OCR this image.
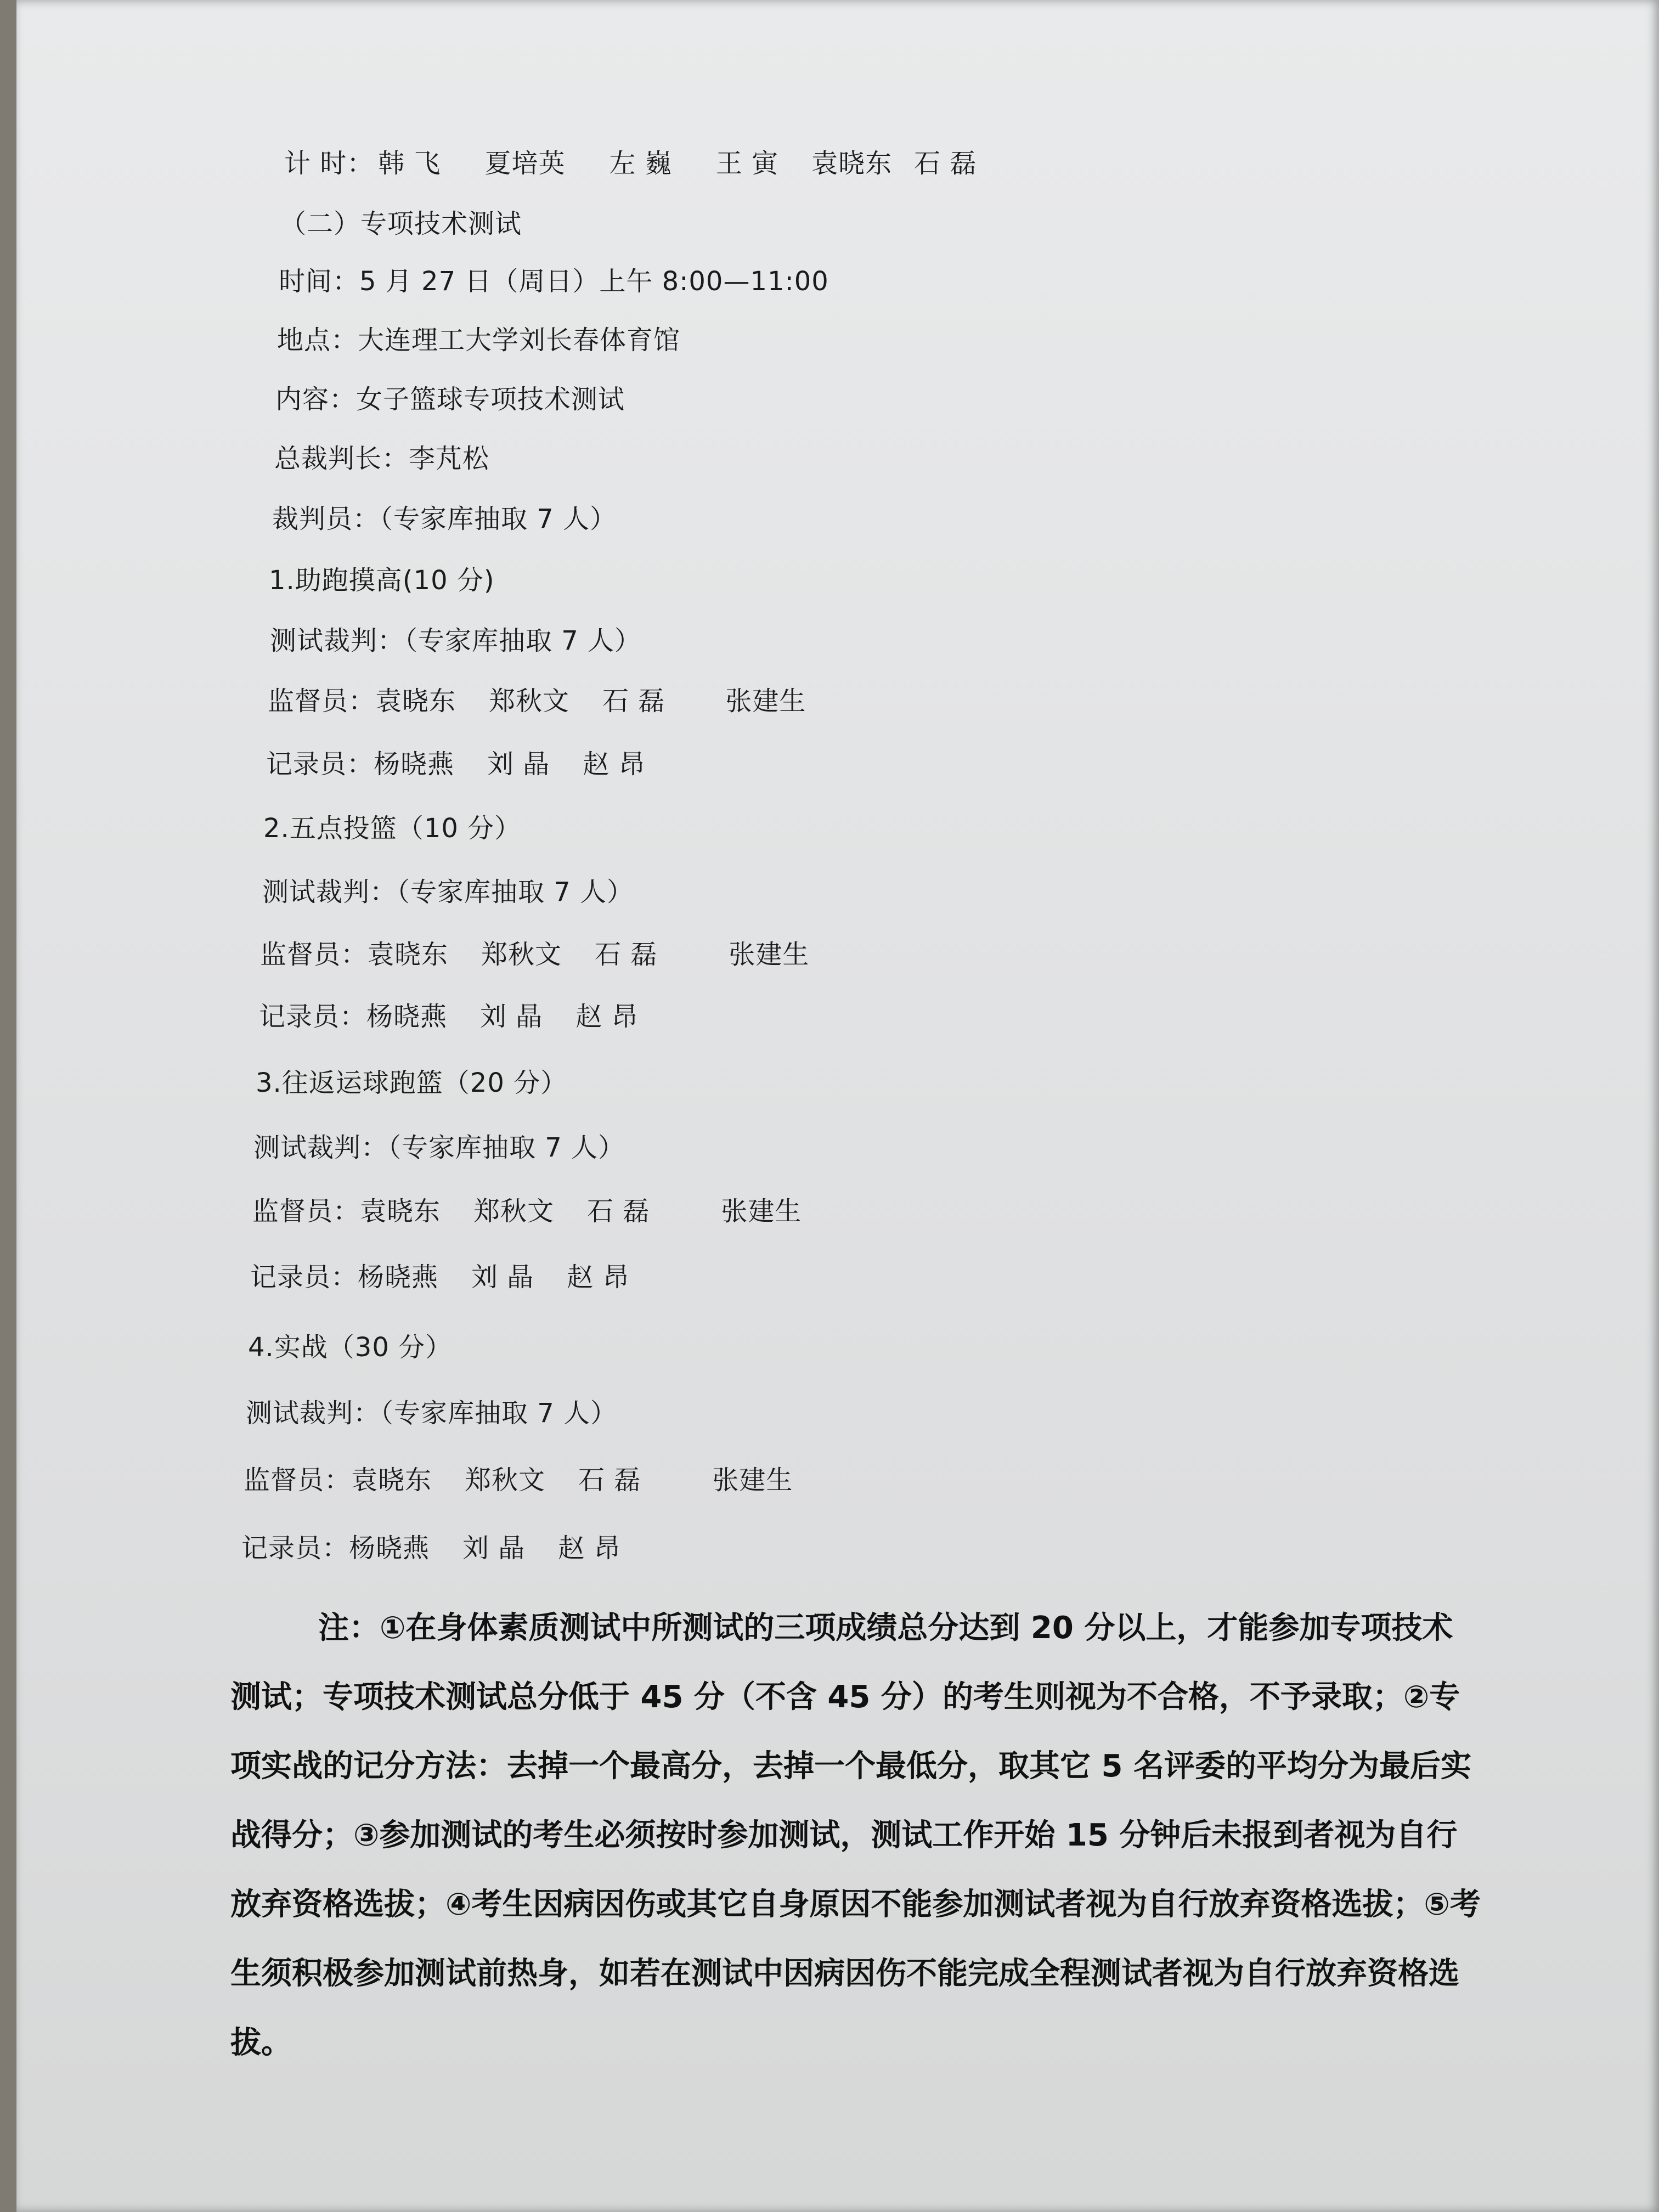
计 时： 韩 飞 夏培英 左 巍 王 寅 袁晓东 石 磊
（二）专项技术测试
时间：5 月 27 日（周日）上午 8:00—11:00
地点：大连理工大学刘长春体育馆
内容：女子篮球专项技术测试
总裁判长：李芃松
裁判员：（专家库抽取 7 人）
1.助跑摸高(10 分)
测试裁判：（专家库抽取 7 人）
监督员：袁晓东 郑秋文 石 磊 张建生
记录员：杨晓燕 刘 晶 赵 昂
2.五点投篮（10 分）
测试裁判：（专家库抽取 7 人）
监督员：袁晓东 郑秋文 石 磊	张建生
记录员：杨晓燕 刘 晶 赵 昂
3.往返运球跑篮（20 分）
测试裁判：（专家库抽取 7 人）
监督员：袁晓东 郑秋文 石 磊	张建生
记录员：杨晓燕 刘 晶 赵 昂
4.实战（30 分）
测试裁判：（专家库抽取 7 人）
监督员：袁晓东 郑秋文 石 磊	张建生
记录员：杨晓燕 刘 晶 赵 昂
注：①在身体素质测试中所测试的三项成绩总分达到 20 分以上，才能参加专项技术测试；专项技术测试总分低于 45 分（不含 45 分）的考生则视为不合格，不予录取；②专项实战的记分方法：去掉一个最高分，去掉一个最低分，取其它 5 名评委的平均分为最后实战得分；③参加测试的考生必须按时参加测试，测试工作开始 15 分钟后未报到者视为自行放弃资格选拔；④考生因病因伤或其它自身原因不能参加测试者视为自行放弃资格选拔；⑤考生须积极参加测试前热身，如若在测试中因病因伤不能完成全程测试者视为自行放弃资格选拔。
